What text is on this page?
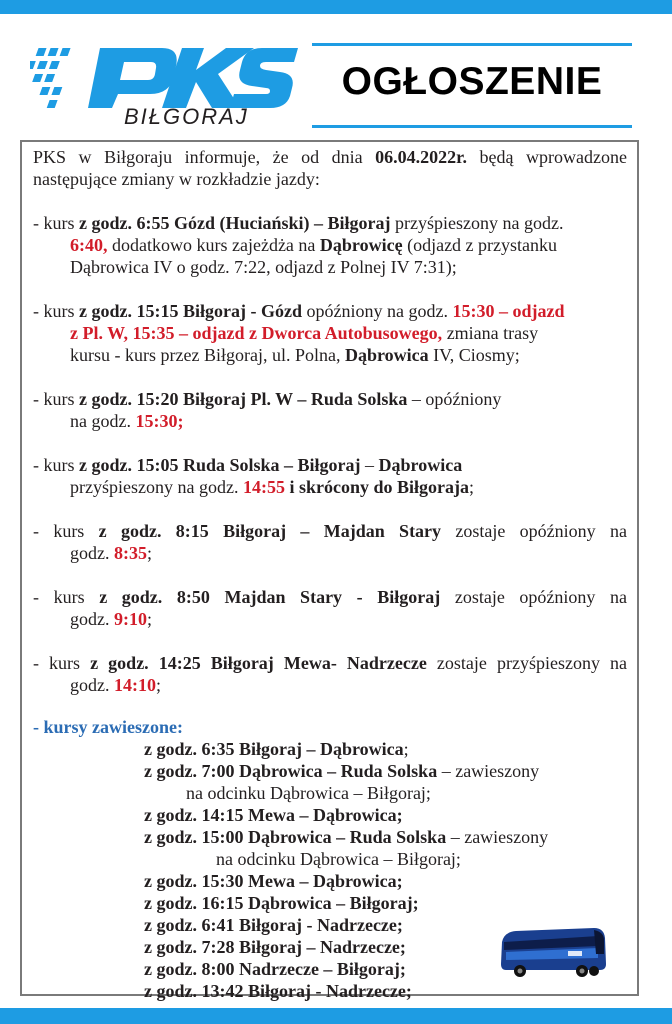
BIŁGORAJ
OGŁOSZENIE

PKS w Biłgoraju informuje, że od dnia 06.04.2022r. będą wprowadzone następujące zmiany w rozkładzie jazdy:

- kurs z godz. 6:55 Gózd (Huciański) – Biłgoraj przyśpieszony na godz.
6:40, dodatkowo kurs zajeżdża na Dąbrowicę (odjazd z przystanku
Dąbrowica IV o godz. 7:22, odjazd z Polnej IV 7:31);
- kurs z godz. 15:15 Biłgoraj - Gózd opóźniony na godz. 15:30 – odjazd
z Pl. W, 15:35 – odjazd z Dworca Autobusowego, zmiana trasy
kursu - kurs przez Biłgoraj, ul. Polna, Dąbrowica IV, Ciosmy;
- kurs z godz. 15:20 Biłgoraj Pl. W – Ruda Solska – opóźniony
na godz. 15:30;
- kurs z godz. 15:05 Ruda Solska – Biłgoraj – Dąbrowica
przyśpieszony na godz. 14:55 i skrócony do Biłgoraja;

- kurs z godz. 8:15 Biłgoraj – Majdan Stary zostaje opóźniony na

godz. 8:35;

- kurs z godz. 8:50 Majdan Stary - Biłgoraj zostaje opóźniony na

godz. 9:10;

- kurs z godz. 14:25 Biłgoraj Mewa- Nadrzecze zostaje przyśpieszony na

godz. 14:10;
- kursy zawieszone:
z godz. 6:35 Biłgoraj – Dąbrowica;
z godz. 7:00 Dąbrowica – Ruda Solska – zawieszony
na odcinku Dąbrowica – Biłgoraj;
z godz. 14:15 Mewa – Dąbrowica;
z godz. 15:00 Dąbrowica – Ruda Solska – zawieszony
na odcinku Dąbrowica – Biłgoraj;
z godz. 15:30 Mewa – Dąbrowica;
z godz. 16:15 Dąbrowica – Biłgoraj;
z godz. 6:41 Biłgoraj - Nadrzecze;
z godz. 7:28 Biłgoraj – Nadrzecze;
z godz. 8:00 Nadrzecze – Biłgoraj;
z godz. 13:42 Biłgoraj - Nadrzecze;
